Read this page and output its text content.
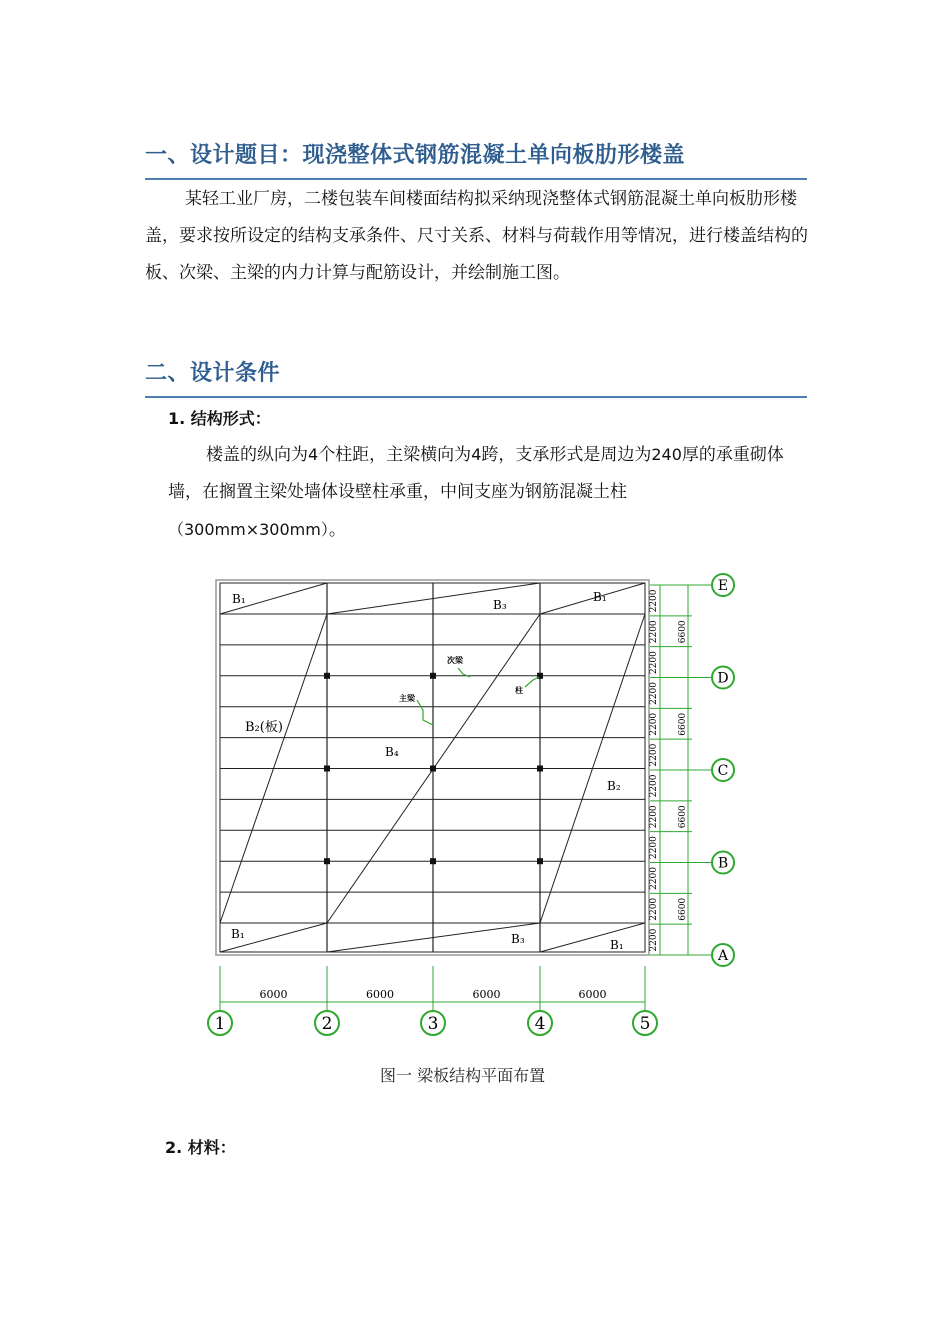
一、设计题目：现浇整体式钢筋混凝土单向板肋形楼盖

某轻工业厂房，二楼包装车间楼面结构拟采纳现浇整体式钢筋混凝土单向板肋形楼盖，要求按所设定的结构支承条件、尺寸关系、材料与荷载作用等情况，进行楼盖结构的板、次梁、主梁的内力计算与配筋设计，并绘制施工图。

二、设计条件
1. 结构形式：

楼盖的纵向为4个柱距，主梁横向为4跨，支承形式是周边为240厚的承重砌体墙，在搁置主梁处墙体设壁柱承重，中间支座为钢筋混凝土柱
（300mm×300mm）。

B₁	B₃
B₁
B₂(板)
B₄
B₂
B₁	B₃	B₁
次梁
主梁
柱
2200
2200
2200
2200
2200
2200
2200
2200
2200
2200
2200
2200
6600
6600
6600
6600
E
D
C
B
A
6000	6000	6000	6000
1	2	3	4	5
图一 梁板结构平面布置
2. 材料：
